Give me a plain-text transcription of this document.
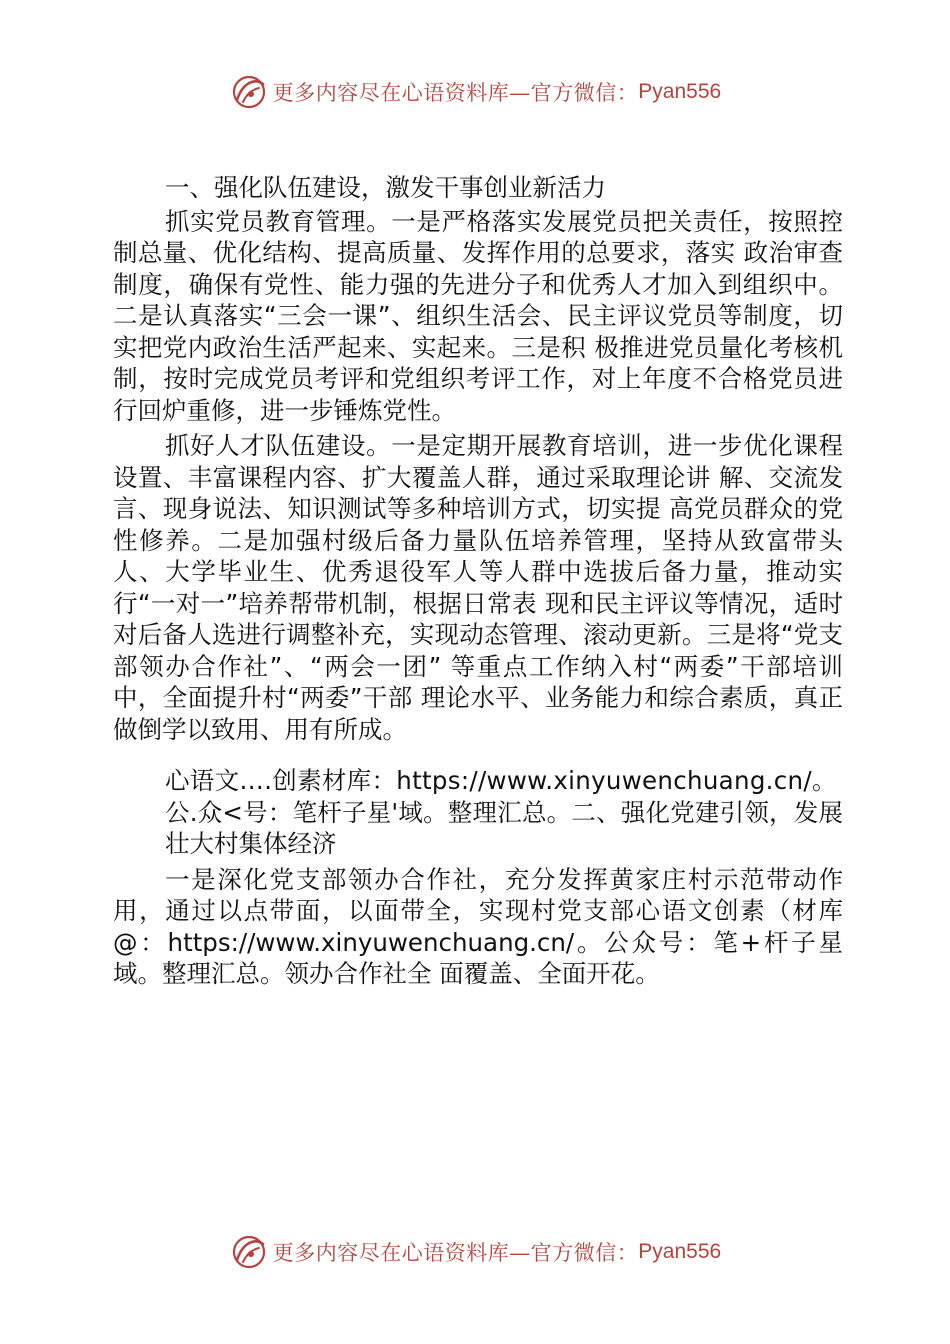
更多内容尽在心语资料库—官方微信： Pyan556

一、强化队伍建设，激发干事创业新活力

抓实党员教育管理。一是严格落实发展党员把关责任，按照控制总量、优化结构、提高质量、发挥作用的总要求，落实 政治审查制度，确保有党性、能力强的先进分子和优秀人才加入到组织中。二是认真落实“三会一课”、组织生活会、民主评议党员等制度，切实把党内政治生活严起来、实起来。三是积 极推进党员量化考核机制，按时完成党员考评和党组织考评工作，对上年度不合格党员进行回炉重修，进一步锤炼党性。

抓好人才队伍建设。一是定期开展教育培训，进一步优化课程设置、丰富课程内容、扩大覆盖人群，通过采取理论讲 解、交流发言、现身说法、知识测试等多种培训方式，切实提 高党员群众的党性修养。二是加强村级后备力量队伍培养管理，坚持从致富带头人、大学毕业生、优秀退役军人等人群中选拔后备力量，推动实行“一对一”培养帮带机制，根据日常表 现和民主评议等情况，适时对后备人选进行调整补充，实现动态管理、滚动更新。三是将“党支部领办合作社”、“两会一团” 等重点工作纳入村“两委”干部培训中，全面提升村“两委”干部 理论水平、业务能力和综合素质，真正做倒学以致用、用有所成。

心语文….创素材库：https://www.xinyuwenchuang.cn/。

公.众<号：笔杆子星'域。整理汇总。二、强化党建引领，发展壮大村集体经济

一是深化党支部领办合作社，充分发挥黄家庄村示范带动作用，通过以点带面，以面带全，实现村党支部心语文创素（材库@：https://www.xinyuwenchuang.cn/。公众号：笔+杆子星域。整理汇总。领办合作社全 面覆盖、全面开花。

更多内容尽在心语资料库—官方微信： Pyan556
